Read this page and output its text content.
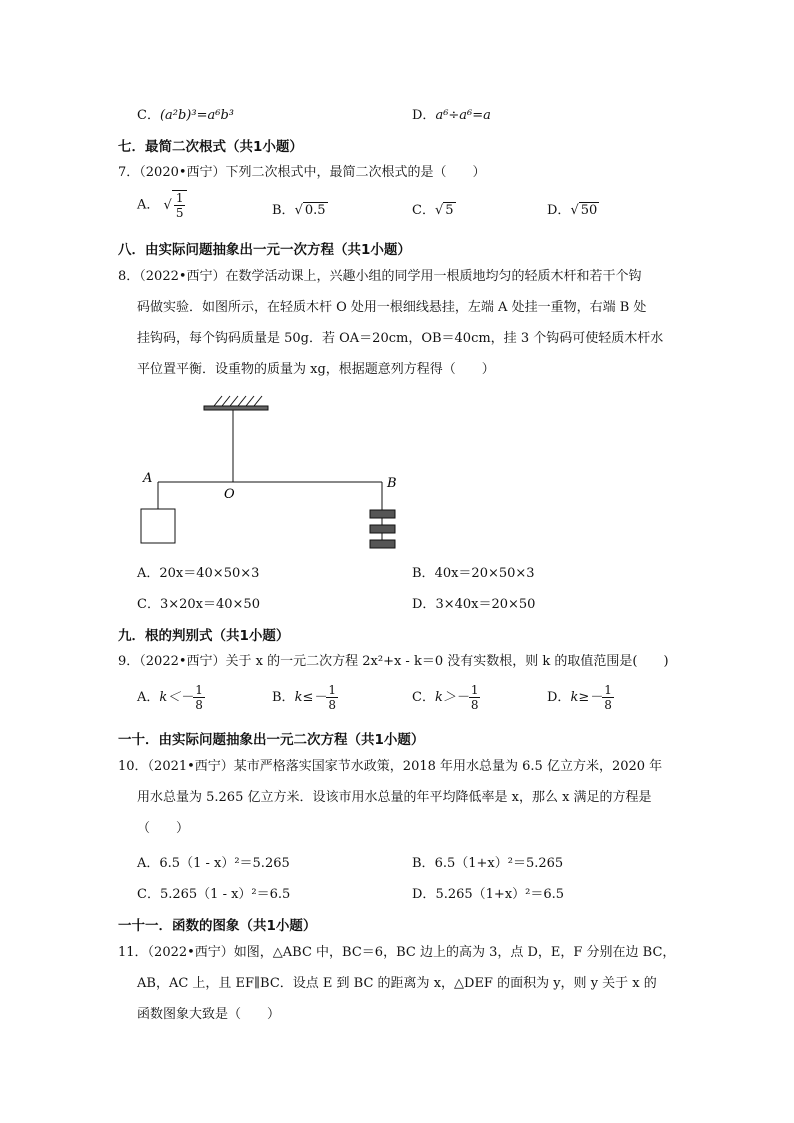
C．(a²b)³=a⁶b³	D．a⁶÷a⁶=a
七．最简二次根式（共1小题）
7．（2020•西宁）下列二次根式中，最简二次根式的是（　　）
A． √ $\frac{1}{5}$	B．√ 0.5	C．√ 5	D．√ 50
八．由实际问题抽象出一元一次方程（共1小题）
8．（2022•西宁）在数学活动课上，兴趣小组的同学用一根质地均匀的轻质木杆和若干个钩
码做实验．如图所示，在轻质木杆 O 处用一根细线悬挂，左端 A 处挂一重物，右端 B 处
挂钩码，每个钩码质量是 50g．若 OA＝20cm，OB＝40cm，挂 3 个钩码可使轻质木杆水
平位置平衡．设重物的质量为 xg，根据题意列方程得（　　）
A
O
B
A．20x＝40×50×3	B．40x＝20×50×3
C．3×20x＝40×50	D．3×40x＝20×50
九．根的判别式（共1小题）
9．（2022•西宁）关于 x 的一元二次方程 2x²+x - k＝0 没有实数根，则 k 的取值范围是(　　)
A．$k<- \frac{1}{8}$	B．$k\le- \frac{1}{8}$	C．$k>- \frac{1}{8}$	D．$k\ge- \frac{1}{8}$
一十．由实际问题抽象出一元二次方程（共1小题）
10．（2021•西宁）某市严格落实国家节水政策，2018 年用水总量为 6.5 亿立方米，2020 年
用水总量为 5.265 亿立方米．设该市用水总量的年平均降低率是 x，那么 x 满足的方程是
（　　）
A．6.5（1 - x）²＝5.265	B．6.5（1+x）²＝5.265
C．5.265（1 - x）²＝6.5	D．5.265（1+x）²＝6.5
一十一．函数的图象（共1小题）
11．（2022•西宁）如图，△ABC 中，BC＝6，BC 边上的高为 3，点 D，E，F 分别在边 BC，
AB，AC 上，且 EF∥BC．设点 E 到 BC 的距离为 x，△DEF 的面积为 y，则 y 关于 x 的
函数图象大致是（　　）
